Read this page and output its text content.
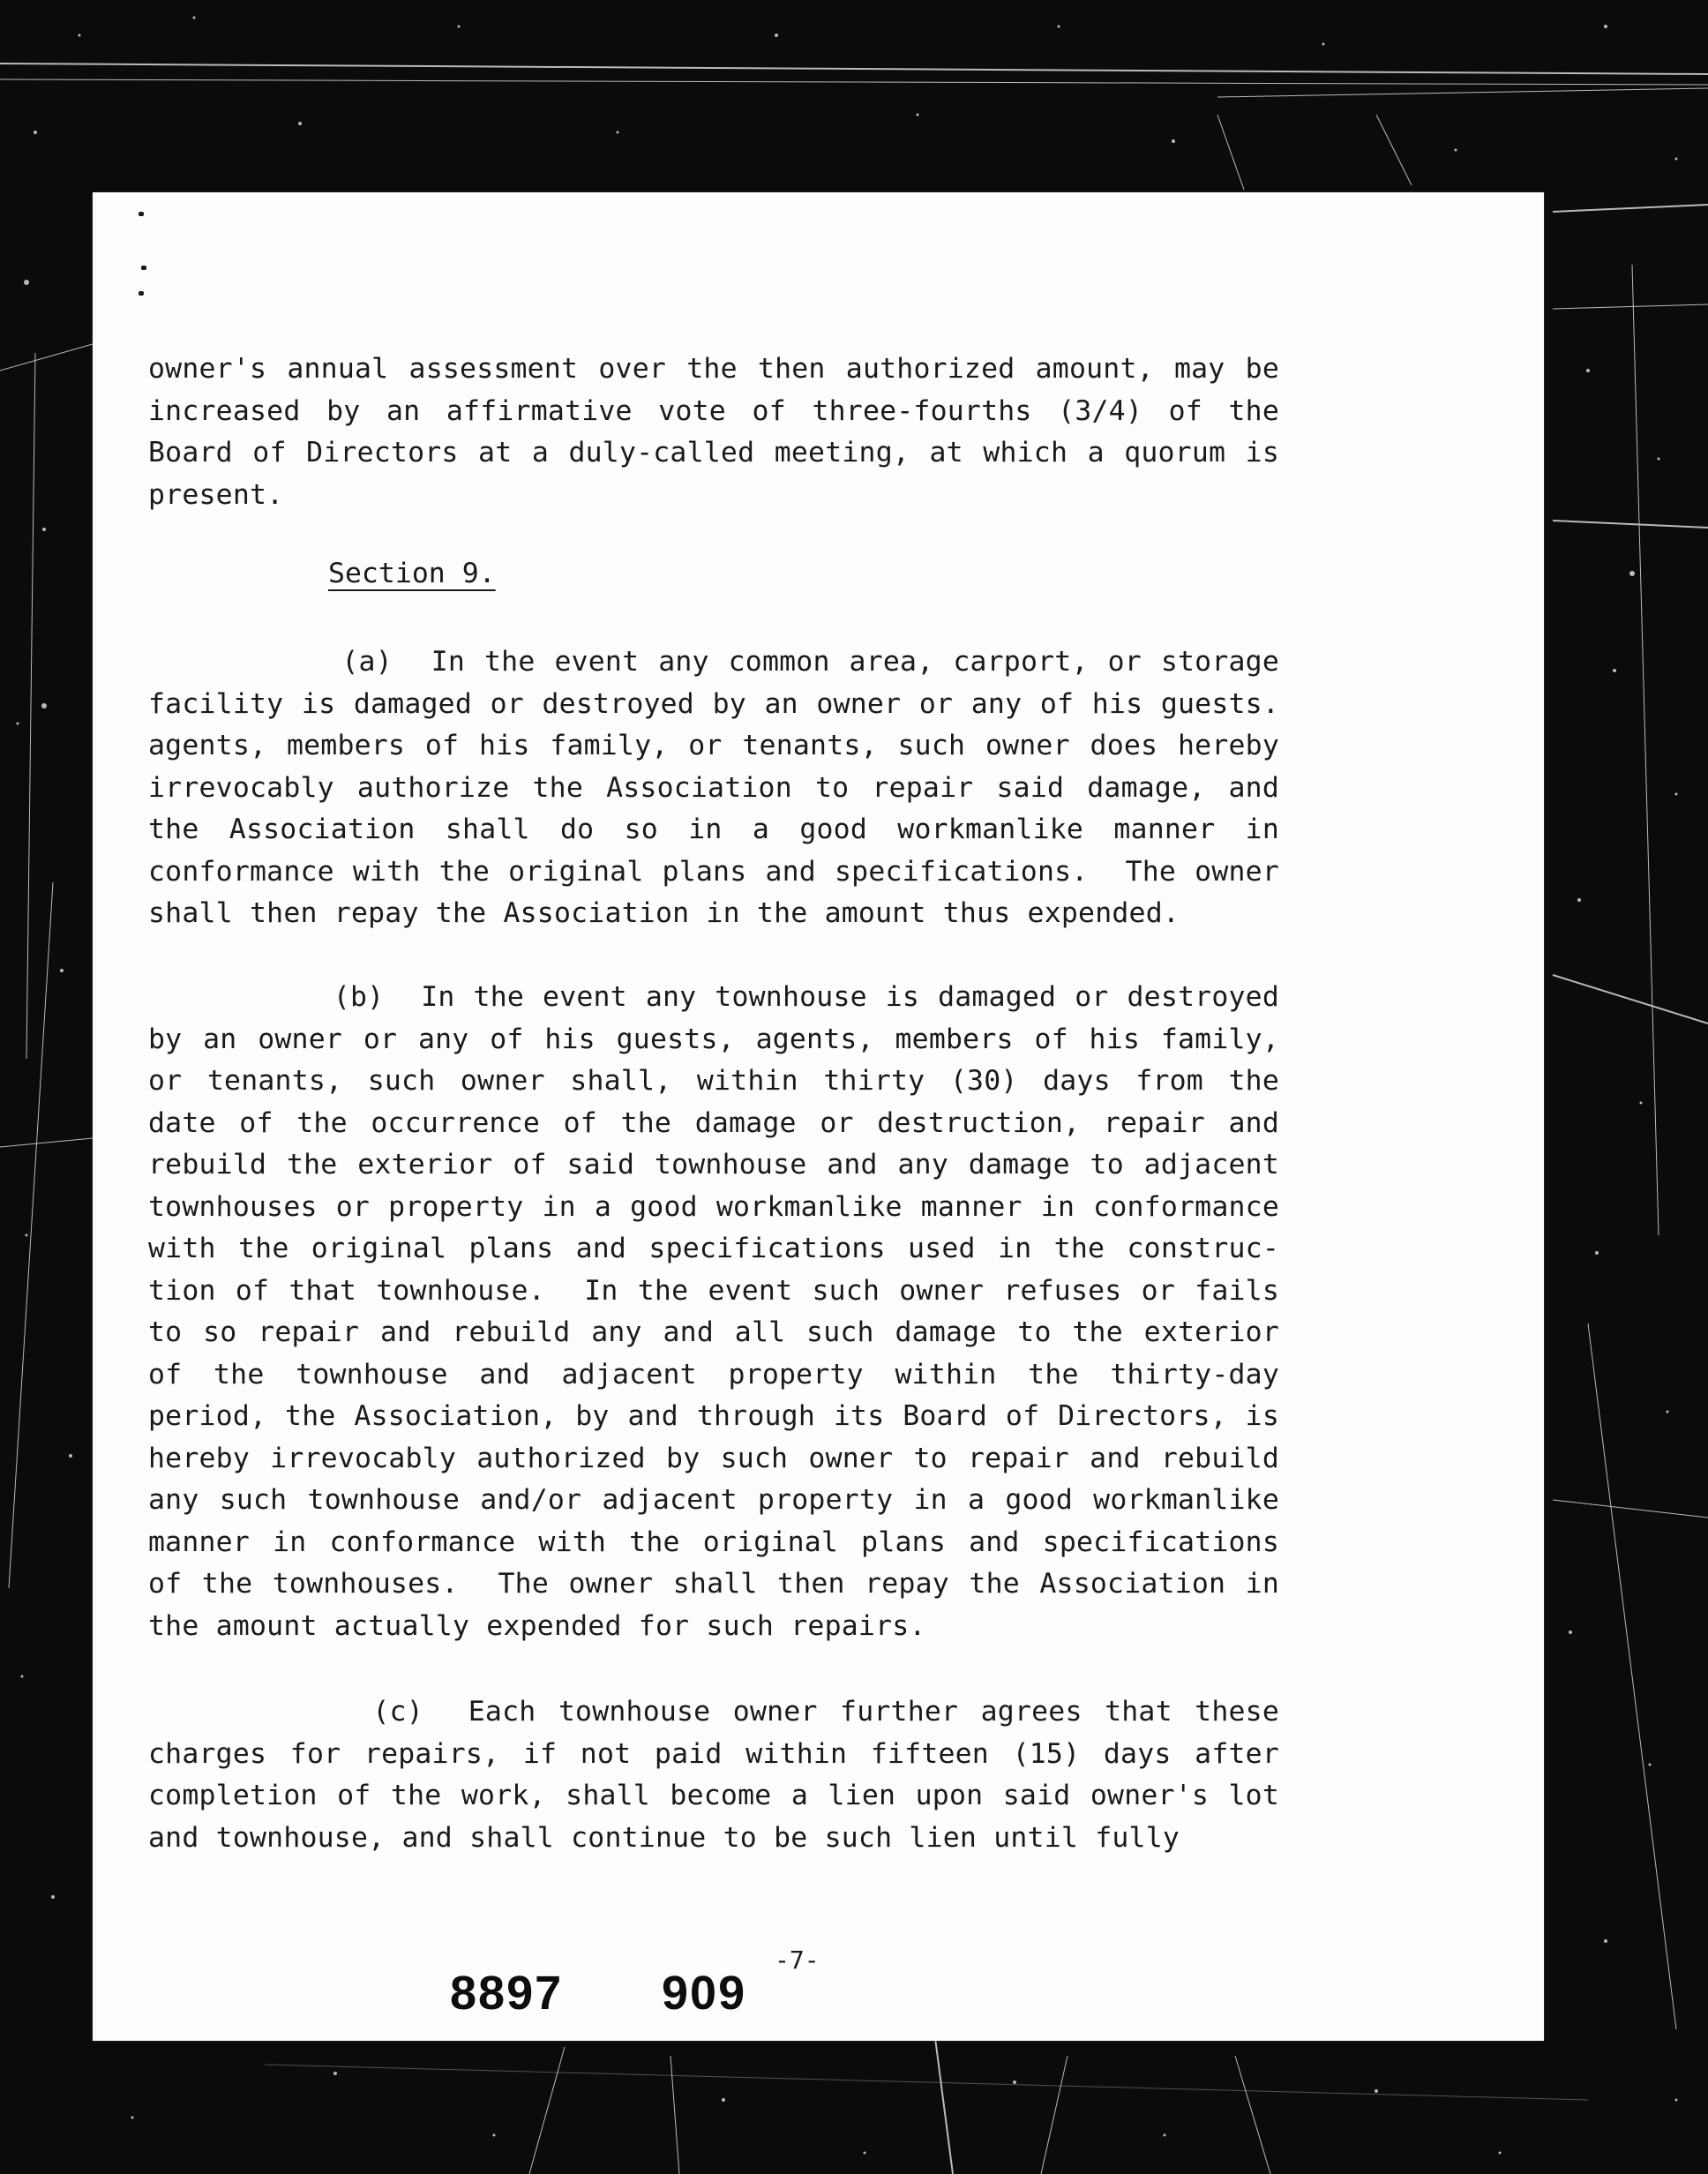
owner's annual assessment over the then authorized amount, may be
increased by an affirmative vote of three-fourths (3/4) of the
Board of Directors at a duly-called meeting, at which a quorum is
present.
Section 9.
(a)  In the event any common area, carport, or storage
facility is damaged or destroyed by an owner or any of his guests.
agents, members of his family, or tenants, such owner does hereby
irrevocably authorize the Association to repair said damage, and
the Association shall do so in a good workmanlike manner in
conformance with the original plans and specifications.  The owner
shall then repay the Association in the amount thus expended.
(b)  In the event any townhouse is damaged or destroyed
by an owner or any of his guests, agents, members of his family,
or tenants, such owner shall, within thirty (30) days from the
date of the occurrence of the damage or destruction, repair and
rebuild the exterior of said townhouse and any damage to adjacent
townhouses or property in a good workmanlike manner in conformance
with the original plans and specifications used in the construc-
tion of that townhouse.  In the event such owner refuses or fails
to so repair and rebuild any and all such damage to the exterior
of the townhouse and adjacent property within the thirty-day
period, the Association, by and through its Board of Directors, is
hereby irrevocably authorized by such owner to repair and rebuild
any such townhouse and/or adjacent property in a good workmanlike
manner in conformance with the original plans and specifications
of the townhouses.  The owner shall then repay the Association in
the amount actually expended for such repairs.
(c)  Each townhouse owner further agrees that these
charges for repairs, if not paid within fifteen (15) days after
completion of the work, shall become a lien upon said owner's lot
and townhouse, and shall continue to be such lien until fully
-7-
8897 909
